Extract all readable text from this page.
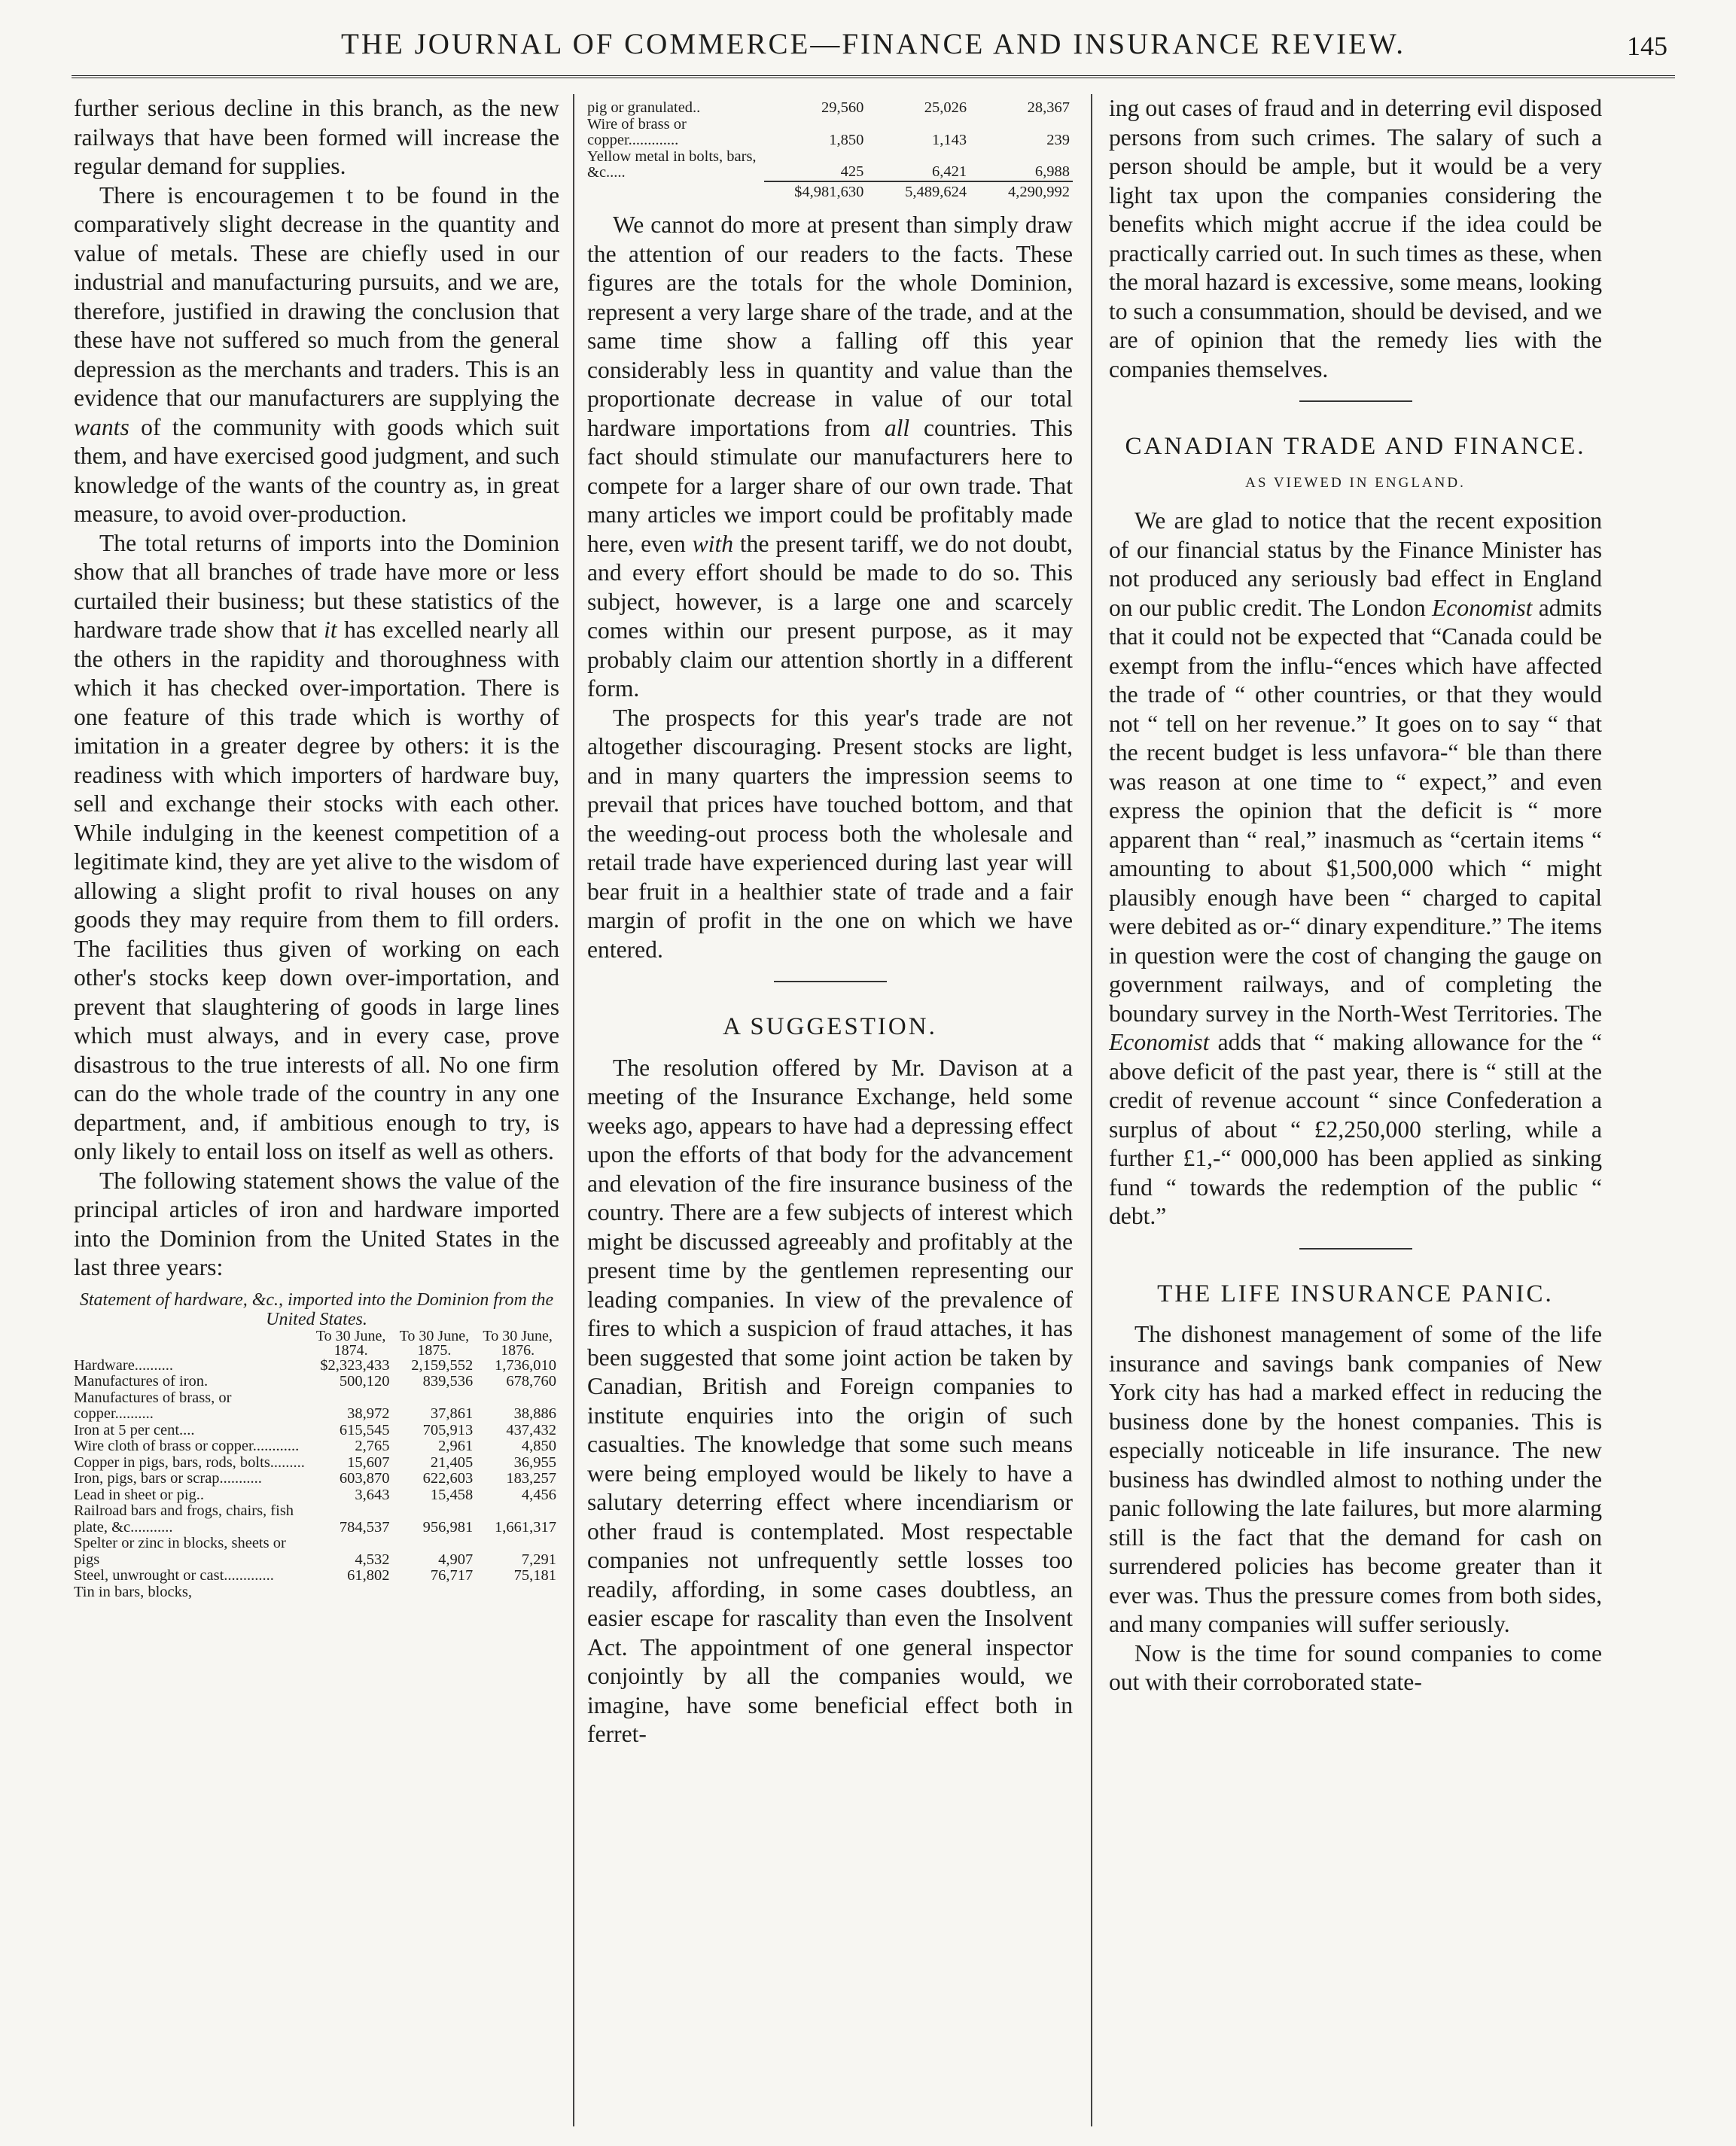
THE JOURNAL OF COMMERCE—FINANCE AND INSURANCE REVIEW.	145

further serious decline in this branch, as the new railways that have been formed will increase the regular demand for supplies.

There is encouragemen t to be found in the comparatively slight decrease in the quantity and value of metals. These are chiefly used in our industrial and manufacturing pursuits, and we are, therefore, justified in drawing the conclusion that these have not suffered so much from the general depression as the merchants and traders. This is an evidence that our manufacturers are supplying the wants of the community with goods which suit them, and have exercised good judgment, and such knowledge of the wants of the country as, in great measure, to avoid over-production.

The total returns of imports into the Dominion show that all branches of trade have more or less curtailed their business; but these statistics of the hardware trade show that it has excelled nearly all the others in the rapidity and thoroughness with which it has checked over-importation. There is one feature of this trade which is worthy of imitation in a greater degree by others: it is the readiness with which importers of hardware buy, sell and exchange their stocks with each other. While indulging in the keenest competition of a legitimate kind, they are yet alive to the wisdom of allowing a slight profit to rival houses on any goods they may require from them to fill orders. The facilities thus given of working on each other's stocks keep down over-importation, and prevent that slaughtering of goods in large lines which must always, and in every case, prove disastrous to the true interests of all. No one firm can do the whole trade of the country in any one department, and, if ambitious enough to try, is only likely to entail loss on itself as well as others.

The following statement shows the value of the principal articles of iron and hardware imported into the Dominion from the United States in the last three years:

Statement of hardware, &c., imported into the Dominion from the United States.
	To 30 June, 1874.	To 30 June, 1875.	To 30 June, 1876.
Hardware..........	$2,323,433	2,159,552	1,736,010
Manufactures of iron.	500,120	839,536	678,760
Manufactures of brass, or copper..........	38,972	37,861	38,886
Iron at 5 per cent....	615,545	705,913	437,432
Wire cloth of brass or copper............	2,765	2,961	4,850
Copper in pigs, bars, rods, bolts.........	15,607	21,405	36,955
Iron, pigs, bars or scrap...........	603,870	622,603	183,257
Lead in sheet or pig..	3,643	15,458	4,456
Railroad bars and frogs, chairs, fish plate, &c...........	784,537	956,981	1,661,317
Spelter or zinc in blocks, sheets or pigs	4,532	4,907	7,291
Steel, unwrought or cast.............	61,802	76,717	75,181
Tin in bars, blocks,			
pig or granulated..	29,560	25,026	28,367
Wire of brass or copper.............	1,850	1,143	239
Yellow metal in bolts, bars, &c.....	425	6,421	6,988
	$4,981,630	5,489,624	4,290,992

We cannot do more at present than simply draw the attention of our readers to the facts. These figures are the totals for the whole Dominion, represent a very large share of the trade, and at the same time show a falling off this year considerably less in quantity and value than the proportionate decrease in value of our total hardware importations from all countries. This fact should stimulate our manufacturers here to compete for a larger share of our own trade. That many articles we import could be profitably made here, even with the present tariff, we do not doubt, and every effort should be made to do so. This subject, however, is a large one and scarcely comes within our present purpose, as it may probably claim our attention shortly in a different form.

The prospects for this year's trade are not altogether discouraging. Present stocks are light, and in many quarters the impression seems to prevail that prices have touched bottom, and that the weeding-out process both the wholesale and retail trade have experienced during last year will bear fruit in a healthier state of trade and a fair margin of profit in the one on which we have entered.

A SUGGESTION.

The resolution offered by Mr. Davison at a meeting of the Insurance Exchange, held some weeks ago, appears to have had a depressing effect upon the efforts of that body for the advancement and elevation of the fire insurance business of the country. There are a few subjects of interest which might be discussed agreeably and profitably at the present time by the gentlemen representing our leading companies. In view of the prevalence of fires to which a suspicion of fraud attaches, it has been suggested that some joint action be taken by Canadian, British and Foreign companies to institute enquiries into the origin of such casualties. The knowledge that some such means were being employed would be likely to have a salutary deterring effect where incendiarism or other fraud is contemplated. Most respectable companies not unfrequently settle losses too readily, affording, in some cases doubtless, an easier escape for rascality than even the Insolvent Act. The appointment of one general inspector conjointly by all the companies would, we imagine, have some beneficial effect both in ferret-

ing out cases of fraud and in deterring evil disposed persons from such crimes. The salary of such a person should be ample, but it would be a very light tax upon the companies considering the benefits which might accrue if the idea could be practically carried out. In such times as these, when the moral hazard is excessive, some means, looking to such a consummation, should be devised, and we are of opinion that the remedy lies with the companies themselves.

CANADIAN TRADE AND FINANCE.
AS VIEWED IN ENGLAND.

We are glad to notice that the recent exposition of our financial status by the Finance Minister has not produced any seriously bad effect in England on our public credit. The London Economist admits that it could not be expected that “Canada could be exempt from the influ-“ences which have affected the trade of “ other countries, or that they would not “ tell on her revenue.” It goes on to say “ that the recent budget is less unfavora-“ ble than there was reason at one time to “ expect,” and even express the opinion that the deficit is “ more apparent than “ real,” inasmuch as “certain items “ amounting to about $1,500,000 which “ might plausibly enough have been “ charged to capital were debited as or-“ dinary expenditure.” The items in question were the cost of changing the gauge on government railways, and of completing the boundary survey in the North-West Territories. The Economist adds that “ making allowance for the “ above deficit of the past year, there is “ still at the credit of revenue account “ since Confederation a surplus of about “ £2,250,000 sterling, while a further £1,-“ 000,000 has been applied as sinking fund “ towards the redemption of the public “ debt.”

THE LIFE INSURANCE PANIC.

The dishonest management of some of the life insurance and savings bank companies of New York city has had a marked effect in reducing the business done by the honest companies. This is especially noticeable in life insurance. The new business has dwindled almost to nothing under the panic following the late failures, but more alarming still is the fact that the demand for cash on surrendered policies has become greater than it ever was. Thus the pressure comes from both sides, and many companies will suffer seriously.

Now is the time for sound companies to come out with their corroborated state-
